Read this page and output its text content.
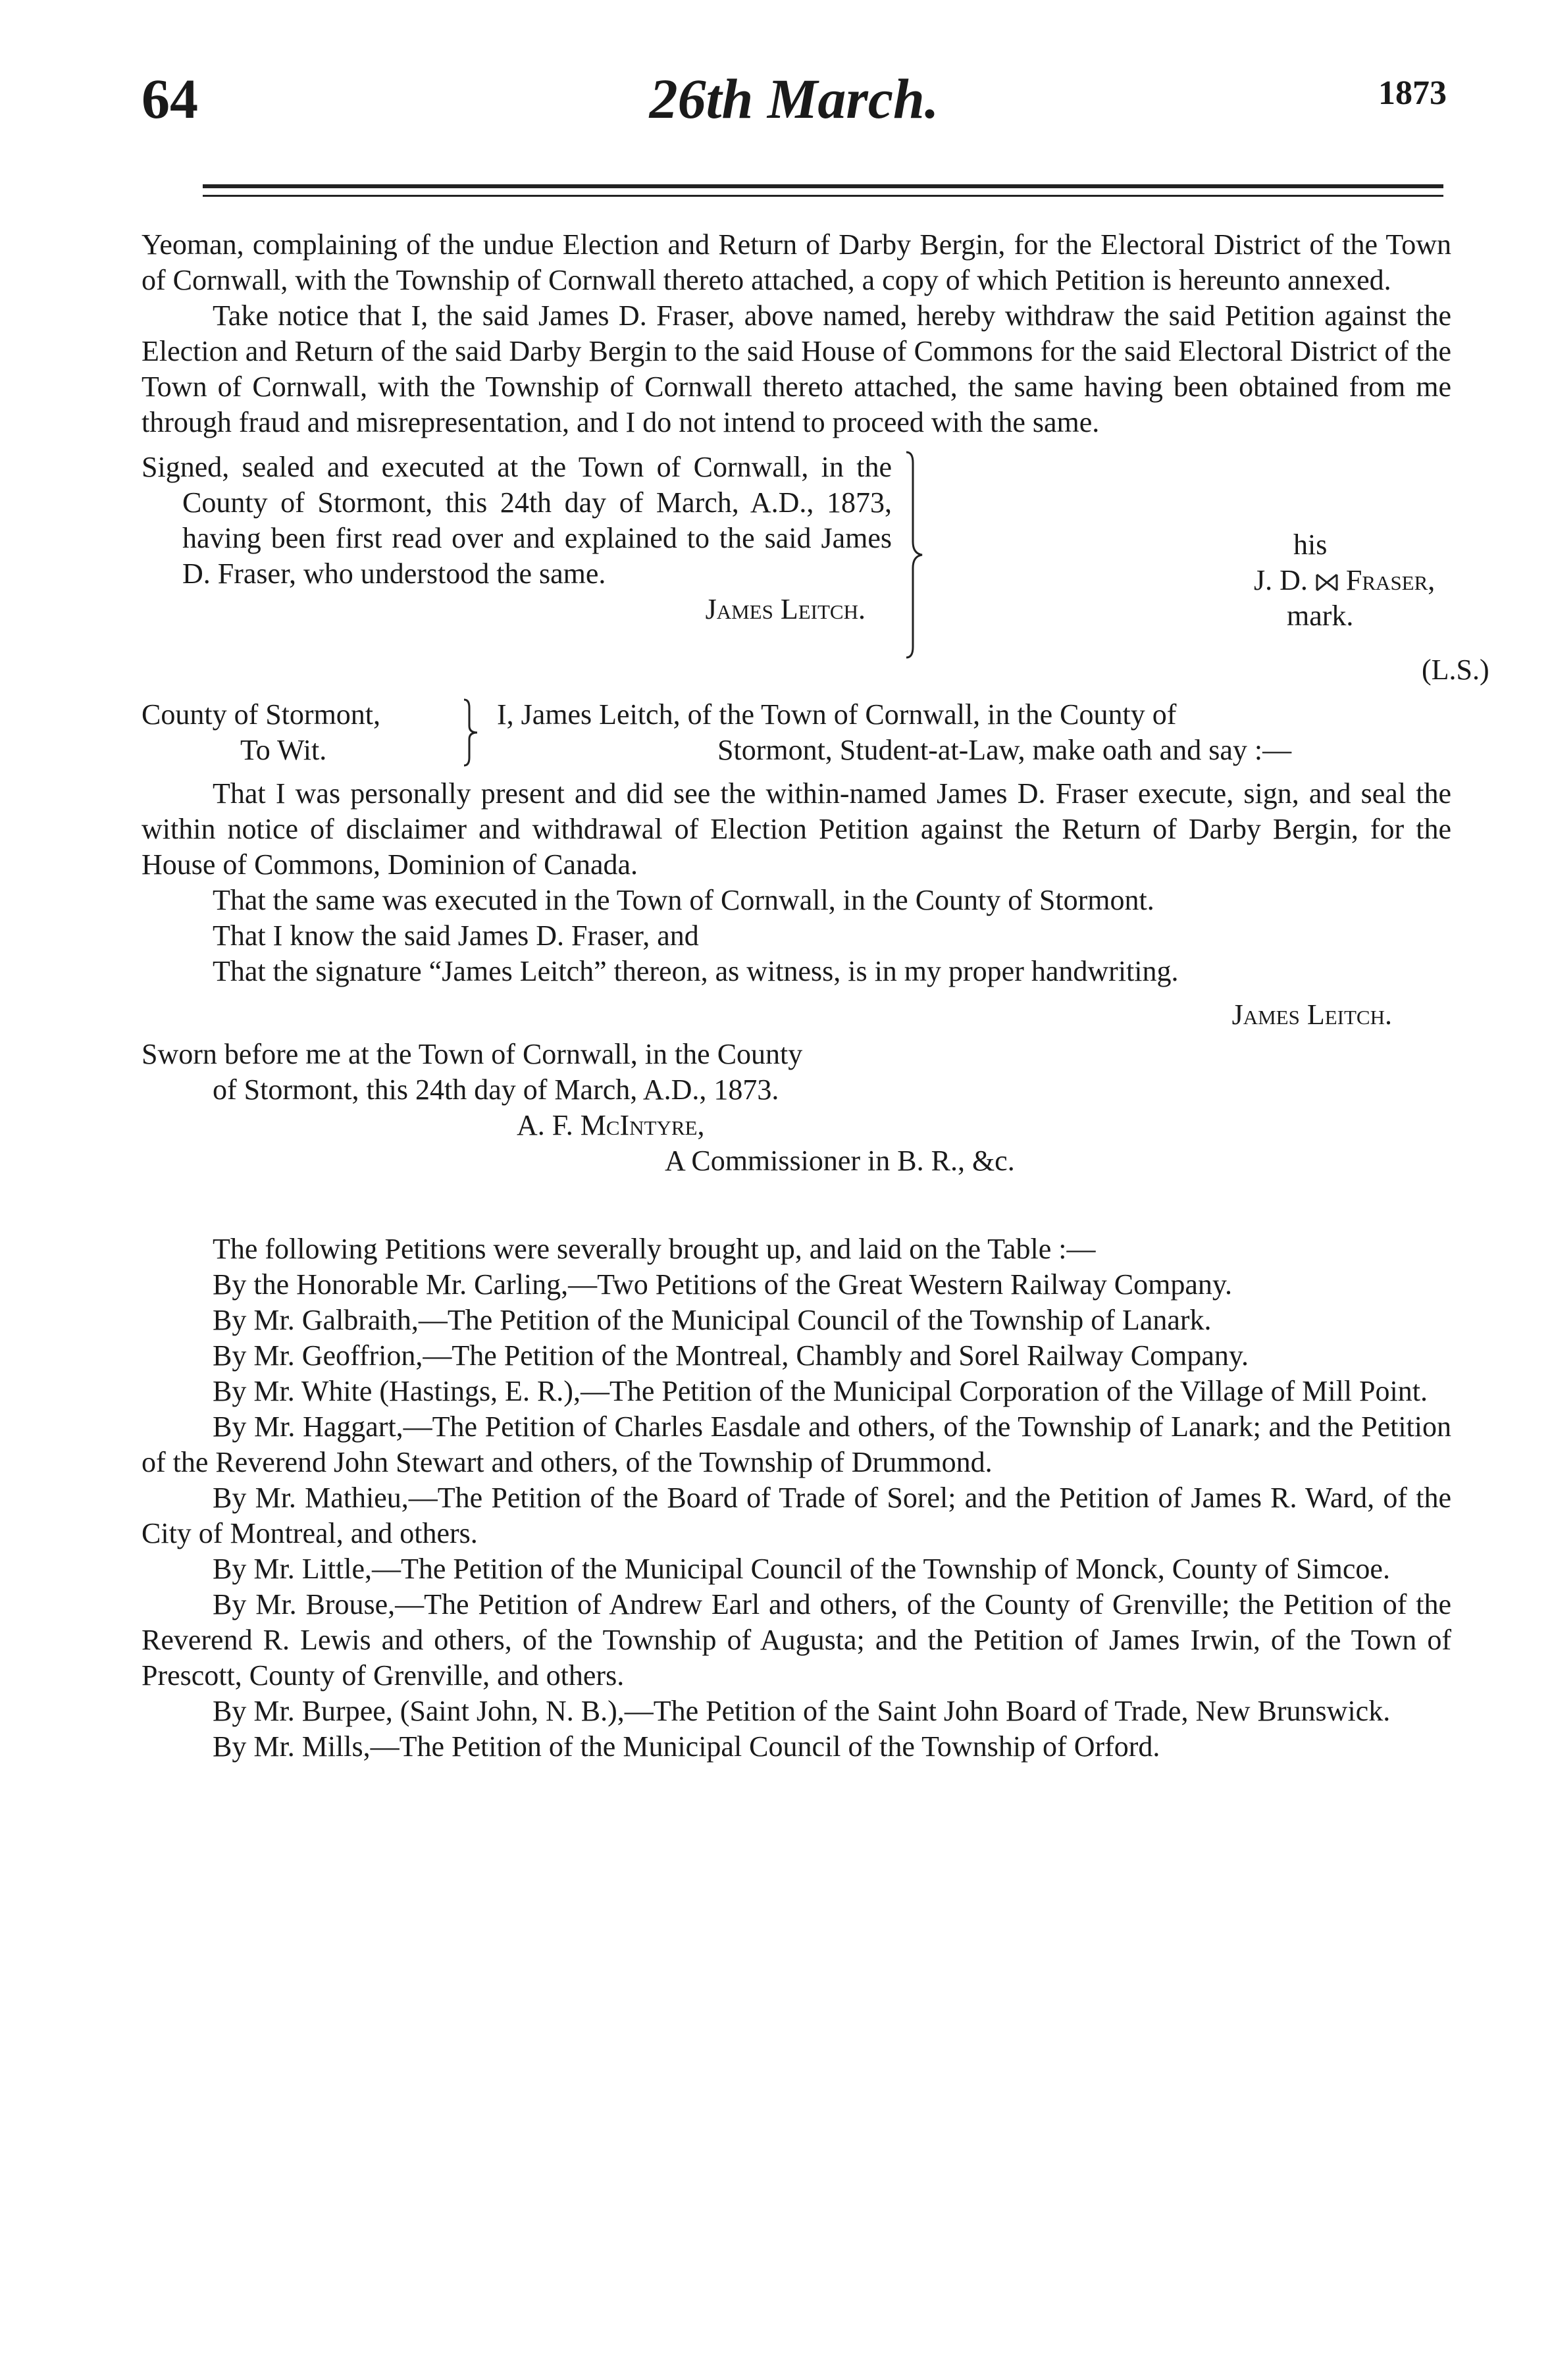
64	26th March.	1873

Yeoman, complaining of the undue Election and Return of Darby Bergin, for the Electoral District of the Town of Cornwall, with the Township of Cornwall thereto attached, a copy of which Petition is hereunto annexed.

Take notice that I, the said James D. Fraser, above named, hereby withdraw the said Petition against the Election and Return of the said Darby Bergin to the said House of Commons for the said Electoral District of the Town of Cornwall, with the Township of Cornwall thereto attached, the same having been obtained from me through fraud and misrepresentation, and I do not intend to proceed with the same.

Signed, sealed and executed at the Town of Cornwall, in the County of Stormont, this 24th day of March, A.D., 1873, having been first read over and explained to the said James D. Fraser, who understood the same.
James Leitch.
his
J. D. Fraser,
mark.
(L.S.)
County of Stormont,
To Wit.
I, James Leitch, of the Town of Cornwall, in the County of
Stormont, Student-at-Law, make oath and say :—

That I was personally present and did see the within-named James D. Fraser execute, sign, and seal the within notice of disclaimer and withdrawal of Election Petition against the Return of Darby Bergin, for the House of Commons, Dominion of Canada.

That the same was executed in the Town of Cornwall, in the County of Stormont.

That I know the said James D. Fraser, and

That the signature “James Leitch” thereon, as witness, is in my proper handwriting.

James Leitch.
Sworn before me at the Town of Cornwall, in the County
of Stormont, this 24th day of March, A.D., 1873.
A. F. McIntyre,
A Commissioner in B. R., &c.

The following Petitions were severally brought up, and laid on the Table :—

By the Honorable Mr. Carling,—Two Petitions of the Great Western Railway Company.

By Mr. Galbraith,—The Petition of the Municipal Council of the Township of Lanark.

By Mr. Geoffrion,—The Petition of the Montreal, Chambly and Sorel Railway Company.

By Mr. White (Hastings, E. R.),—The Petition of the Municipal Corporation of the Village of Mill Point.

By Mr. Haggart,—The Petition of Charles Easdale and others, of the Township of Lanark; and the Petition of the Reverend John Stewart and others, of the Township of Drummond.

By Mr. Mathieu,—The Petition of the Board of Trade of Sorel; and the Petition of James R. Ward, of the City of Montreal, and others.

By Mr. Little,—The Petition of the Municipal Council of the Township of Monck, County of Simcoe.

By Mr. Brouse,—The Petition of Andrew Earl and others, of the County of Grenville; the Petition of the Reverend R. Lewis and others, of the Township of Augusta; and the Petition of James Irwin, of the Town of Prescott, County of Grenville, and others.

By Mr. Burpee, (Saint John, N. B.),—The Petition of the Saint John Board of Trade, New Brunswick.

By Mr. Mills,—The Petition of the Municipal Council of the Township of Orford.
